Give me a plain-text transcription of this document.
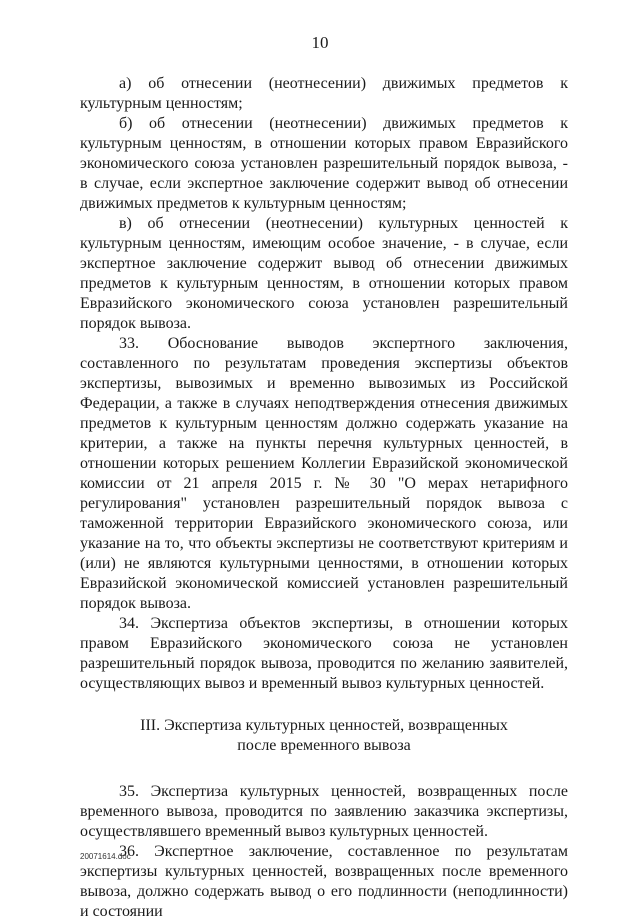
10

а) об отнесении (неотнесении) движимых предметов к культурным ценностям;

б) об отнесении (неотнесении) движимых предметов к культурным ценностям, в отношении которых правом Евразийского экономического союза установлен разрешительный порядок вывоза, - в случае, если экспертное заключение содержит вывод об отнесении движимых предметов к культурным ценностям;

в) об отнесении (неотнесении) культурных ценностей к культурным ценностям, имеющим особое значение, - в случае, если экспертное заключение содержит вывод об отнесении движимых предметов к культурным ценностям, в отношении которых правом Евразийского экономического союза установлен разрешительный порядок вывоза.

33. Обоснование выводов экспертного заключения, составленного по результатам проведения экспертизы объектов экспертизы, вывозимых и временно вывозимых из Российской Федерации, а также в случаях неподтверждения отнесения движимых предметов к культурным ценностям должно содержать указание на критерии, а также на пункты перечня культурных ценностей, в отношении которых решением Коллегии Евразийской экономической комиссии от 21 апреля 2015 г. № 30 "О мерах нетарифного регулирования" установлен разрешительный порядок вывоза с таможенной территории Евразийского экономического союза, или указание на то, что объекты экспертизы не соответствуют критериям и (или) не являются культурными ценностями, в отношении которых Евразийской экономической комиссией установлен разрешительный порядок вывоза.

34. Экспертиза объектов экспертизы, в отношении которых правом Евразийского экономического союза не установлен разрешительный порядок вывоза, проводится по желанию заявителей, осуществляющих вывоз и временный вывоз культурных ценностей.

III. Экспертиза культурных ценностей, возвращенных
после временного вывоза

35. Экспертиза культурных ценностей, возвращенных после временного вывоза, проводится по заявлению заказчика экспертизы, осуществлявшего временный вывоз культурных ценностей.

36. Экспертное заключение, составленное по результатам экспертизы культурных ценностей, возвращенных после временного вывоза, должно содержать вывод о его подлинности (неподлинности) и состоянии

20071614.doc
